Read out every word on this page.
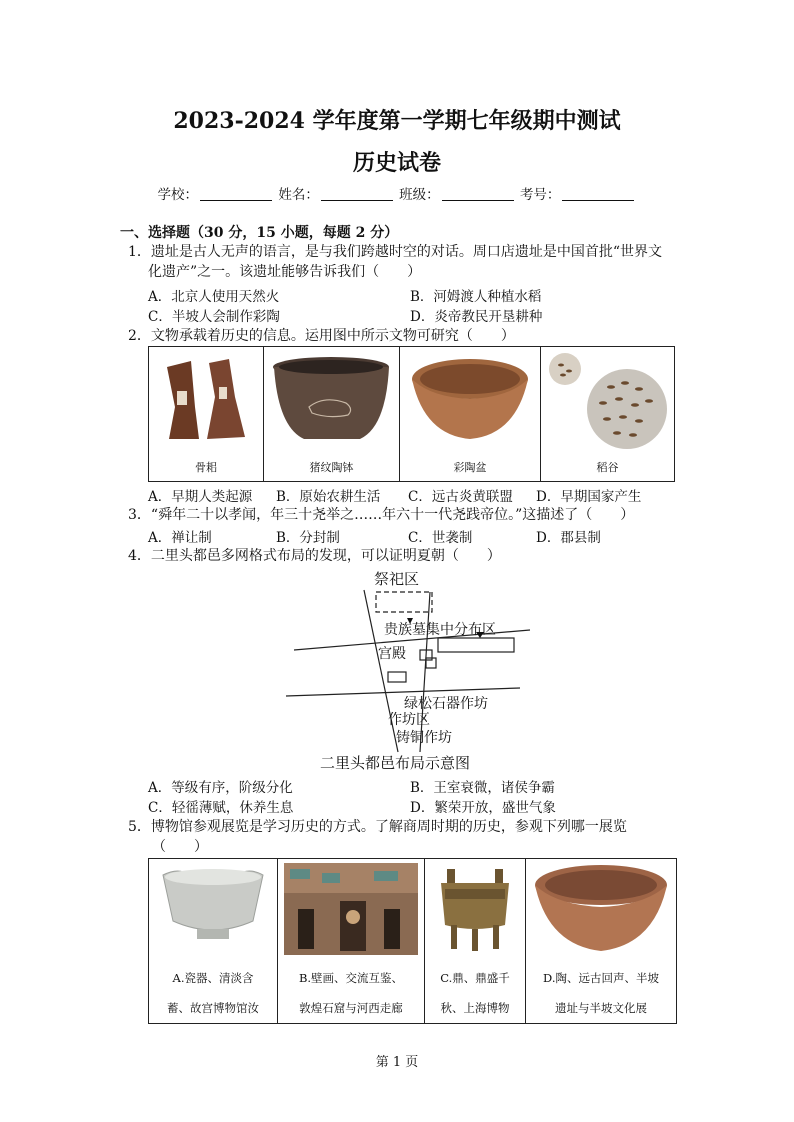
2023-2024 学年度第一学期七年级期中测试
历史试卷
学校：	姓名：	班级：	考号：
一、选择题（30 分，15 小题，每题 2 分）
1．遗址是古人无声的语言，是与我们跨越时空的对话。周口店遗址是中国首批“世界文
化遗产”之一。该遗址能够告诉我们（　　）
A．北京人使用天然火	B．河姆渡人种植水稻
C．半坡人会制作彩陶	D．炎帝教民开垦耕种
2．文物承载着历史的信息。运用图中所示文物可研究（　　）
骨耜	猪纹陶钵	彩陶盆	稻谷
A．早期人类起源 B．原始农耕生活 C．远古炎黄联盟 D．早期国家产生
3．“舜年二十以孝闻，年三十尧举之……年六十一代尧践帝位。”这描述了（　　）
A．禅让制	B．分封制	C．世袭制	D．郡县制
4．二里头都邑多网格式布局的发现，可以证明夏朝（　　）
祭祀区
贵族墓集中分布区
宫殿
绿松石器作坊
作坊区
铸铜作坊
二里头都邑布局示意图
A．等级有序，阶级分化	B．王室衰微，诸侯争霸
C．轻徭薄赋，休养生息	D．繁荣开放，盛世气象
5．博物馆参观展览是学习历史的方式。了解商周时期的历史，参观下列哪一展览
（　　）
A.瓷器、清淡含
蓄、故宫博物馆汝

B.壁画、交流互鉴、
敦煌石窟与河西走廊

C.鼎、鼎盛千
秋、上海博物

D.陶、远古回声、半坡
遗址与半坡文化展
第 1 页
